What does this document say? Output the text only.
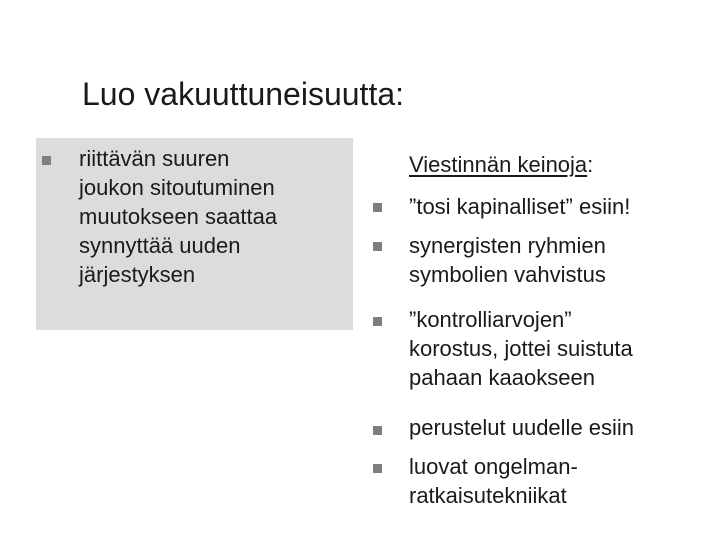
Luo vakuuttuneisuutta:
riittävän suuren
joukon sitoutuminen
muutokseen saattaa
synnyttää uuden
järjestyksen
Viestinnän keinoja:
”tosi kapinalliset” esiin!
synergisten ryhmien
symbolien vahvistus
”kontrolliarvojen”
korostus, jottei suistuta
pahaan kaaokseen
perustelut uudelle esiin
luovat ongelman-
ratkaisutekniikat
